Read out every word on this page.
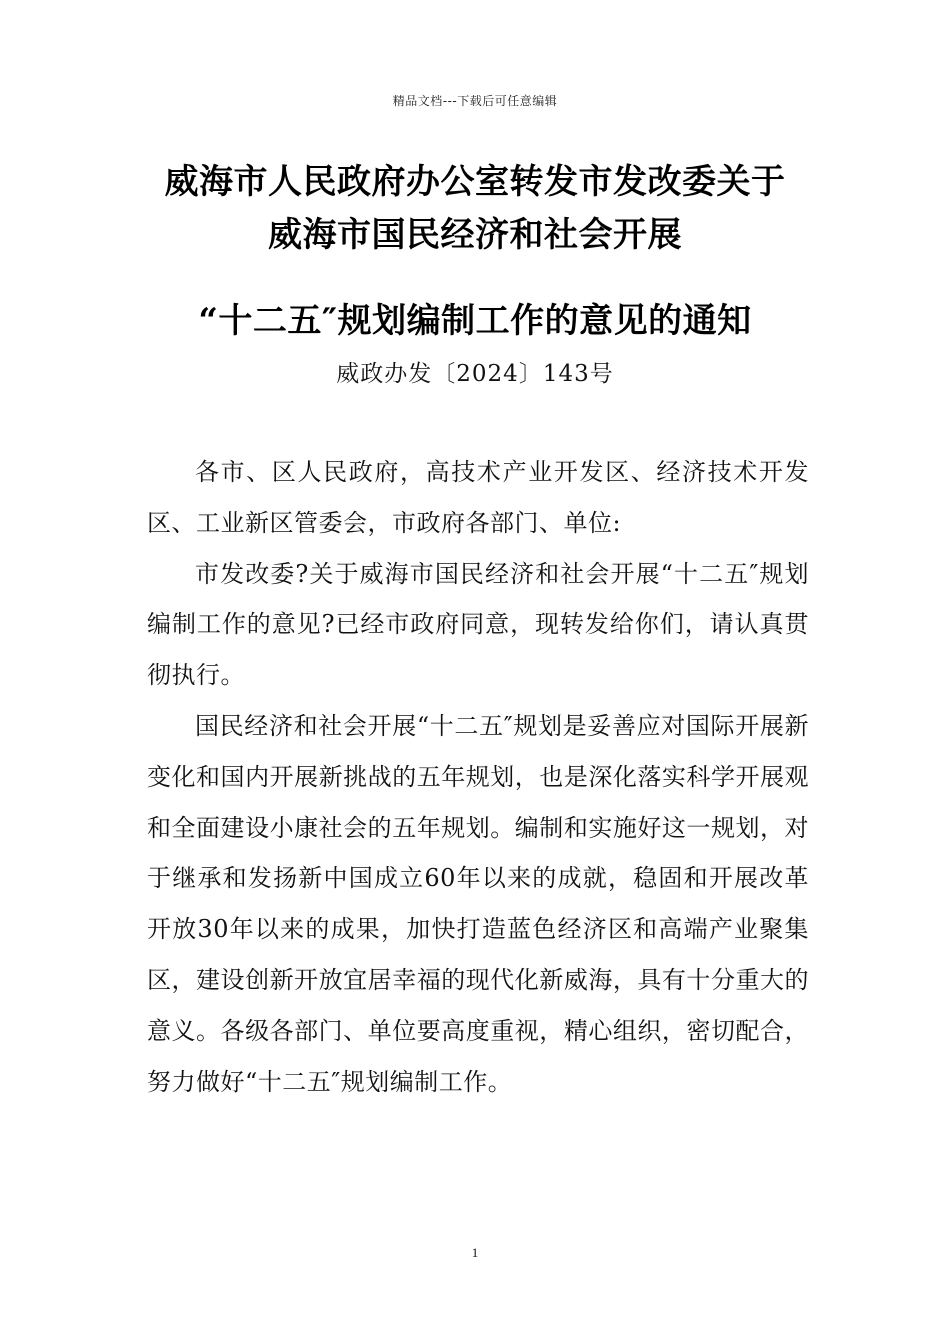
精品文档---下载后可任意编辑
威海市人民政府办公室转发市发改委关于
威海市国民经济和社会开展
“十二五″规划编制工作的意见的通知
威政办发〔2024〕143号

各市、区人民政府，高技术产业开发区、经济技术开发区、工业新区管委会，市政府各部门、单位:

市发改委?关于威海市国民经济和社会开展“十二五″规划编制工作的意见?已经市政府同意，现转发给你们，请认真贯彻执行。

国民经济和社会开展“十二五″规划是妥善应对国际开展新变化和国内开展新挑战的五年规划，也是深化落实科学开展观和全面建设小康社会的五年规划。编制和实施好这一规划，对于继承和发扬新中国成立60年以来的成就，稳固和开展改革开放30年以来的成果，加快打造蓝色经济区和高端产业聚集区，建设创新开放宜居幸福的现代化新威海，具有十分重大的意义。各级各部门、单位要高度重视，精心组织，密切配合，努力做好“十二五″规划编制工作。

1
